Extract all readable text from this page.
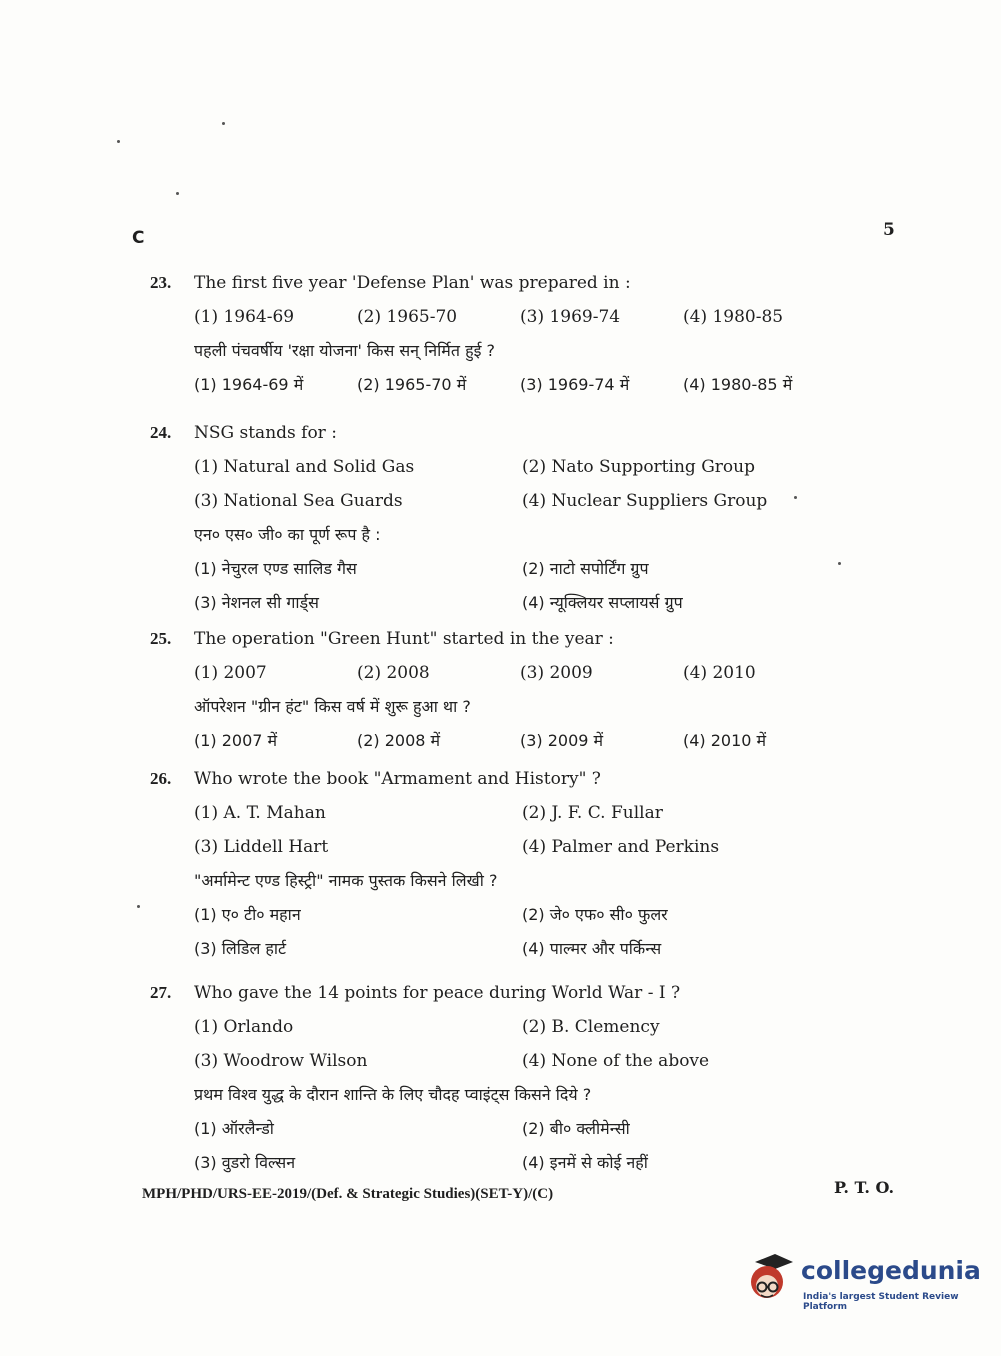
C	5
23. The first five year 'Defense Plan' was prepared in :
(1) 1964-69	(2) 1965-70	(3) 1969-74	(4) 1980-85
पहली पंचवर्षीय 'रक्षा योजना' किस सन् निर्मित हुई ?
(1) 1964-69 में	(2) 1965-70 में	(3) 1969-74 में	(4) 1980-85 में
24. NSG stands for :
(1) Natural and Solid Gas	(2) Nato Supporting Group
(3) National Sea Guards	(4) Nuclear Suppliers Group
एन० एस० जी० का पूर्ण रूप है :
(1) नेचुरल एण्ड सालिड गैस	(2) नाटो सपोर्टिंग ग्रुप
(3) नेशनल सी गार्ड्स	(4) न्यूक्लियर सप्लायर्स ग्रुप
25. The operation "Green Hunt" started in the year :
(1) 2007	(2) 2008	(3) 2009	(4) 2010
ऑपरेशन "ग्रीन हंट" किस वर्ष में शुरू हुआ था ?
(1) 2007 में	(2) 2008 में	(3) 2009 में	(4) 2010 में
26. Who wrote the book "Armament and History" ?
(1) A. T. Mahan	(2) J. F. C. Fullar
(3) Liddell Hart	(4) Palmer and Perkins
"अर्मामेन्ट एण्ड हिस्ट्री" नामक पुस्तक किसने लिखी ?
(1) ए० टी० महान	(2) जे० एफ० सी० फुलर
(3) लिडिल हार्ट	(4) पाल्मर और पर्किन्स
27. Who gave the 14 points for peace during World War - I ?
(1) Orlando	(2) B. Clemency
(3) Woodrow Wilson	(4) None of the above
प्रथम विश्व युद्ध के दौरान शान्ति के लिए चौदह प्वाइंट्स किसने दिये ?
(1) ऑरलैन्डो	(2) बी० क्लीमेन्सी
(3) वुडरो विल्सन	(4) इनमें से कोई नहीं
MPH/PHD/URS-EE-2019/(Def. & Strategic Studies)(SET-Y)/(C)	P. T. O.
collegedunia
India's largest Student Review Platform
